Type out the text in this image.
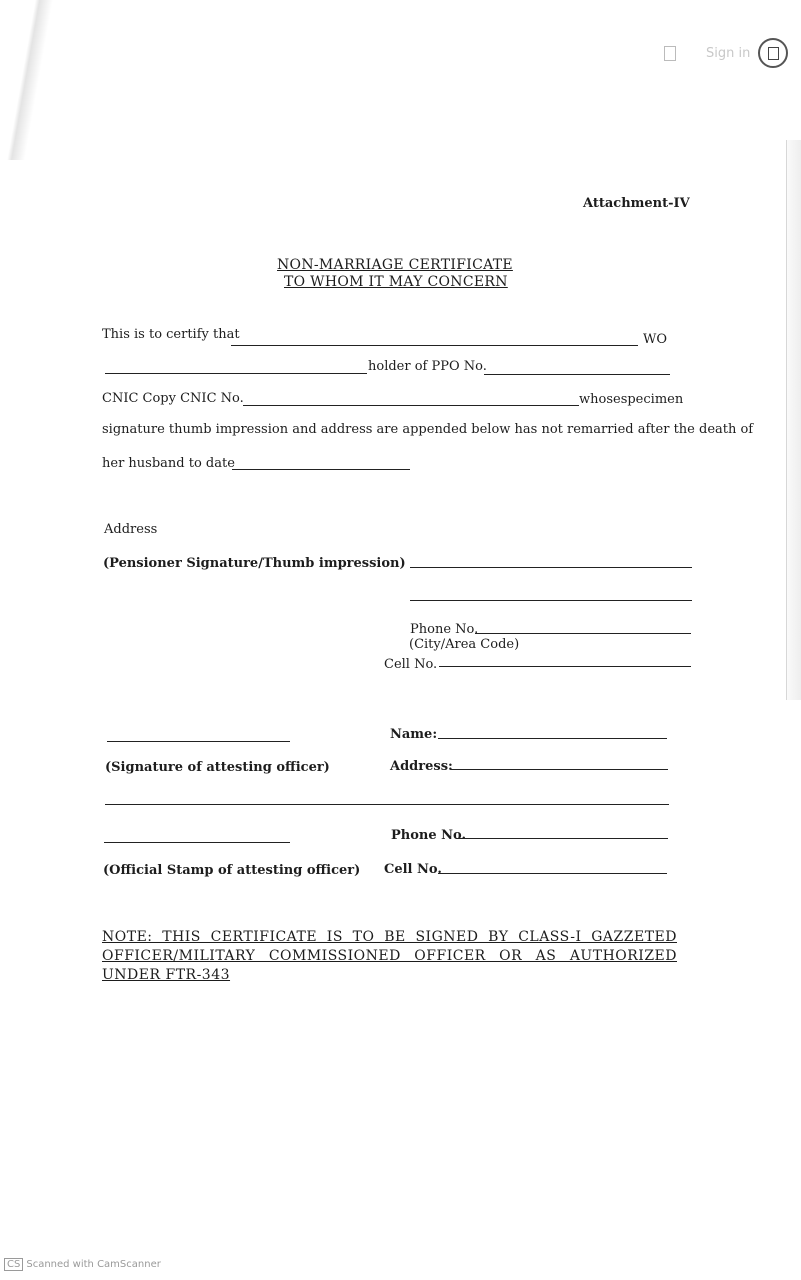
Sign in
Attachment-IV
NON-MARRIAGE CERTIFICATE
TO WHOM IT MAY CONCERN
This is to certify that	WO
holder of PPO No.
CNIC Copy CNIC No.	whosespecimen
signature thumb impression and address are appended below has not remarried after the death of
her husband to date
Address
(Pensioner Signature/Thumb impression)
Phone No.
(City/Area Code)
Cell No.
Name:
(Signature of attesting officer)	Address:
Phone No.
(Official Stamp of attesting officer) Cell No.
NOTE: THIS CERTIFICATE IS TO BE SIGNED BY CLASS-I GAZZETED OFFICER/MILITARY COMMISSIONED OFFICER OR AS AUTHORIZED UNDER FTR-343
CS Scanned with CamScanner
